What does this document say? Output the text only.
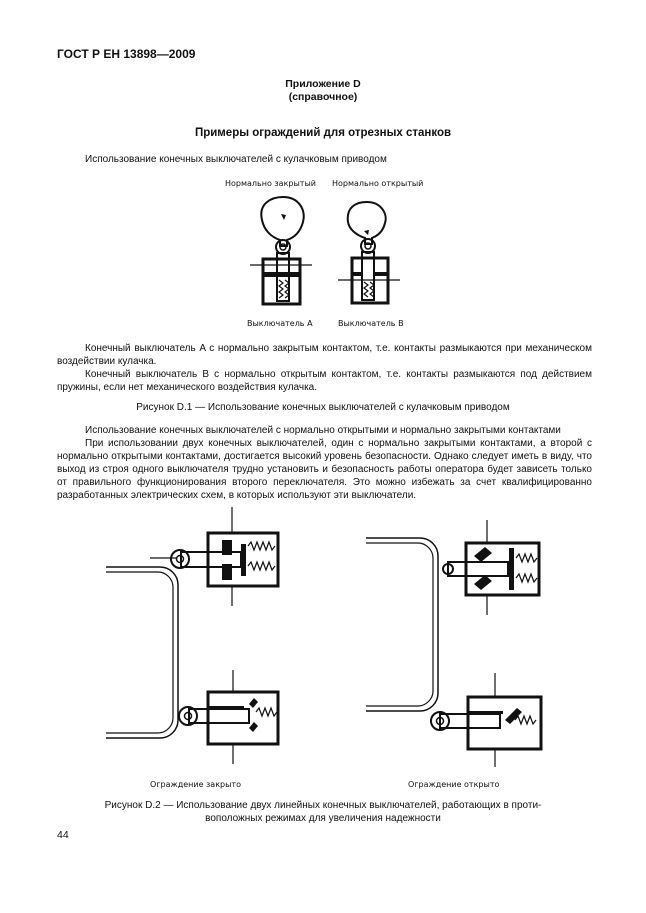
ГОСТ Р ЕН 13898—2009
Приложение D
(справочное)
Примеры ограждений для отрезных станков
Использование конечных выключателей с кулачковым приводом
Нормально закрытый Нормально открытый
Выключатель A	Выключатель B
Конечный выключатель A с нормально закрытым контактом, т.е. контакты размыкаются при механическом воздействии кулачка.
Конечный выключатель B с нормально открытым контактом, т.е. контакты размыкаются под действием пружины, если нет механического воздействия кулачка.
Рисунок D.1 — Использование конечных выключателей с кулачковым приводом
Использование конечных выключателей с нормально открытыми и нормально закрытыми контактами
При использовании двух конечных выключателей, один с нормально закрытыми контактами, а второй с нормально открытыми контактами, достигается высокий уровень безопасности. Однако следует иметь в виду, что выход из строя одного выключателя трудно установить и безопасность работы оператора будет зависеть только от правильного функционирования второго переключателя. Это можно избежать за счет квалифицированно разработанных электрических схем, в которых используют эти выключатели.
Ограждение закрыто	Ограждение открыто
Рисунок D.2 — Использование двух линейных конечных выключателей, работающих в проти-
воположных режимах для увеличения надежности
44
